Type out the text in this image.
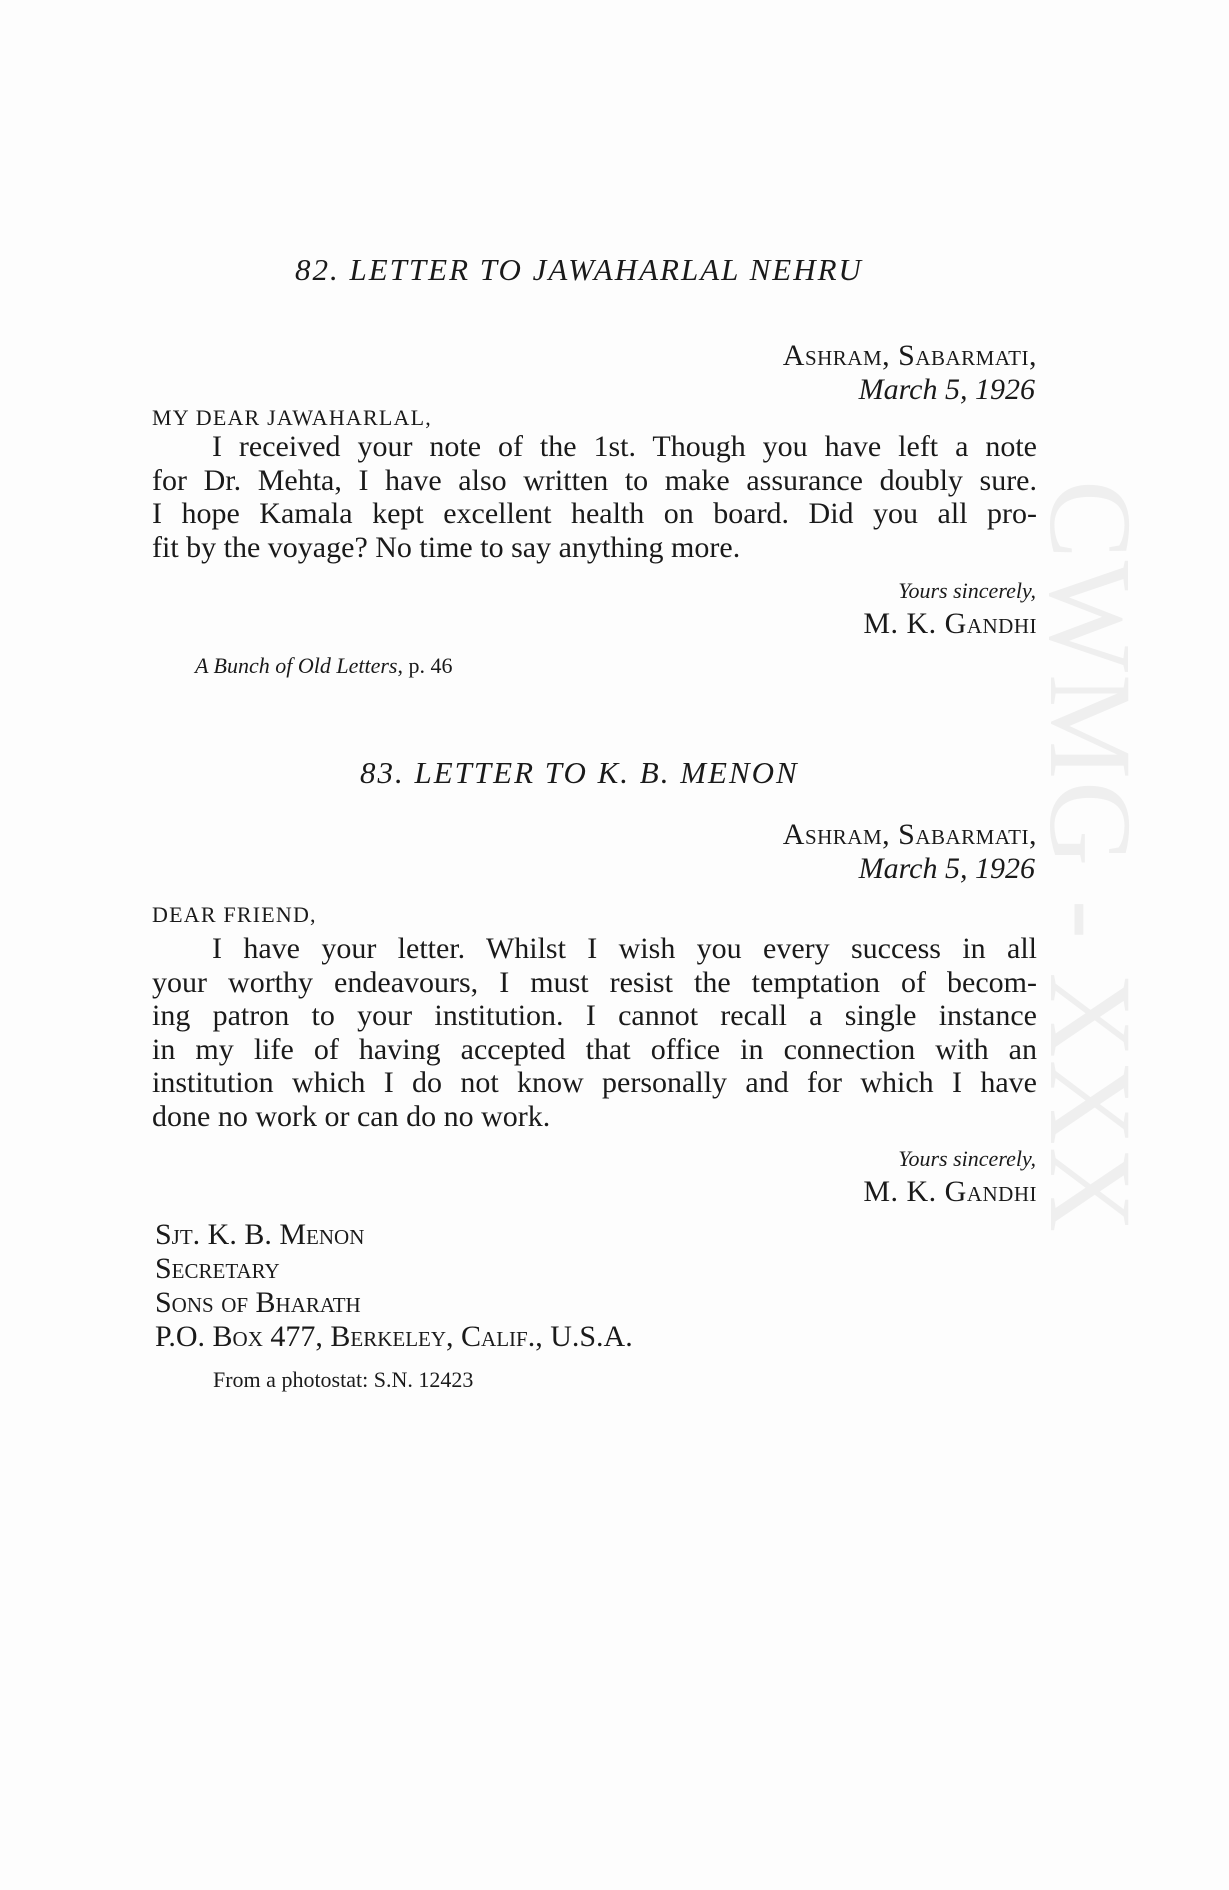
CWMG - XXX
82. LETTER TO JAWAHARLAL NEHRU
Ashram, Sabarmati,
March 5, 1926
MY DEAR JAWAHARLAL,
I received your note of the 1st. Though you have left a note
for Dr. Mehta, I have also written to make assurance doubly sure.
I hope Kamala kept excellent health on board. Did you all pro-
fit by the voyage? No time to say anything more.
Yours sincerely,
M. K. Gandhi
A Bunch of Old Letters, p. 46
83. LETTER TO K. B. MENON
Ashram, Sabarmati,
March 5, 1926
DEAR FRIEND,
I have your letter. Whilst I wish you every success in all
your worthy endeavours, I must resist the temptation of becom-
ing patron to your institution. I cannot recall a single instance
in my life of having accepted that office in connection with an
institution which I do not know personally and for which I have
done no work or can do no work.
Yours sincerely,
M. K. Gandhi
Sjt. K. B. Menon
Secretary
Sons of Bharath
P.O. Box 477, Berkeley, Calif., U.S.A.
From a photostat: S.N. 12423
